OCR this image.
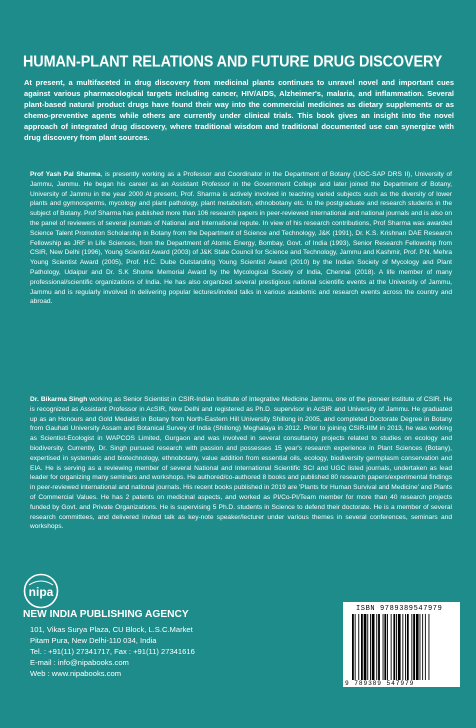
HUMAN-PLANT RELATIONS AND FUTURE DRUG DISCOVERY
At present, a multifaceted in drug discovery from medicinal plants continues to unravel novel and important cues against various pharmacological targets including cancer, HIV/AIDS, Alzheimer's, malaria, and inflammation. Several plant-based natural product drugs have found their way into the commercial medicines as dietary supplements or as chemo-preventive agents while others are currently under clinical trials. This book gives an insight into the novel approach of integrated drug discovery, where traditional wisdom and traditional documented use can synergize with drug discovery from plant sources.
Prof Yash Pal Sharma, is presently working as a Professor and Coordinator in the Department of Botany (UGC-SAP DRS II), University of Jammu, Jammu. He began his career as an Assistant Professor in the Government College and later joined the Department of Botany, University of Jammu in the year 2000 At present, Prof. Sharma is actively involved in teaching varied subjects such as the diversity of lower plants and gymnosperms, mycology and plant pathology, plant metabolism, ethnobotany etc. to the postgraduate and research students in the subject of Botany. Prof Sharma has published more than 106 research papers in peer-reviewed international and national journals and is also on the panel of reviewers of several journals of National and International repute. In view of his research contributions, Prof Sharma was awarded Science Talent Promotion Scholarship in Botany from the Department of Science and Technology, J&K (1991), Dr. K.S. Krishnan DAE Research Fellowship as JRF in Life Sciences, from the Department of Atomic Energy, Bombay, Govt. of India (1993), Senior Research Fellowship from CSIR, New Delhi (1996), Young Scientist Award (2003) of J&K State Council for Science and Technology, Jammu and Kashmir, Prof. P.N. Mehra Young Scientist Award (2005), Prof. H.C. Dube Outstanding Young Scientist Award (2010) by the Indian Society of Mycology and Plant Pathology, Udaipur and Dr. S.K Shome Memorial Award by the Mycological Society of India, Chennai (2018). A life member of many professional/scientific organizations of India. He has also organized several prestigious national scientific events at the University of Jammu, Jammu and is regularly involved in delivering popular lectures/invited talks in various academic and research events across the country and abroad.
Dr. Bikarma Singh working as Senior Scientist in CSIR-Indian Institute of Integrative Medicine Jammu, one of the pioneer institute of CSIR. He is recognized as Assistant Professor in AcSIR, New Delhi and registered as Ph.D. supervisor in AcSIR and University of Jammu. He graduated up as an Honours and Gold Medalist in Botany from North-Eastern Hill University Shillong in 2005, and completed Doctorate Degree in Botany from Gauhati University Assam and Botanical Survey of India (Shillong) Meghalaya in 2012. Prior to joining CSIR-IIIM in 2013, he was working as Scientist-Ecologist in WAPCOS Limited, Gurgaon and was involved in several consultancy projects related to studies on ecology and biodiversity. Currently, Dr. Singh pursued research with passion and possesses 15 year's research experience in Plant Sciences (Botany), expertised in systematic and biotechnology, ethnobotany, value addition from essential oils, ecology, biodiversity germplasm conservation and EIA. He is serving as a reviewing member of several National and International Scientific SCI and UGC listed journals, undertaken as lead leader for organizing many seminars and workshops. He authored/co-authored 8 books and published 80 research papers/experimental findings in peer-reviewed international and national journals. His recent books published in 2019 are 'Plants for Human Survival and Medicine' and Plants of Commercial Values. He has 2 patents on medicinal aspects, and worked as PI/Co-PI/Team member for more than 40 research projects funded by Govt. and Private Organizations. He is supervising 5 Ph.D. students in Science to defend their doctorate. He is a member of several research committees, and delivered invited talk as key-note speaker/lecturer under various themes in several conferences, seminars and workshops.
nipa
NEW INDIA PUBLISHING AGENCY
101, Vikas Surya Plaza, CU Block, L.S.C.Market
Pitam Pura, New Delhi-110 034, India
Tel. : +91(11) 27341717, Fax : +91(11) 27341616
E-mail : info@nipabooks.com
Web : www.nipabooks.com
ISBN 9789389547979
9 789389 547979
